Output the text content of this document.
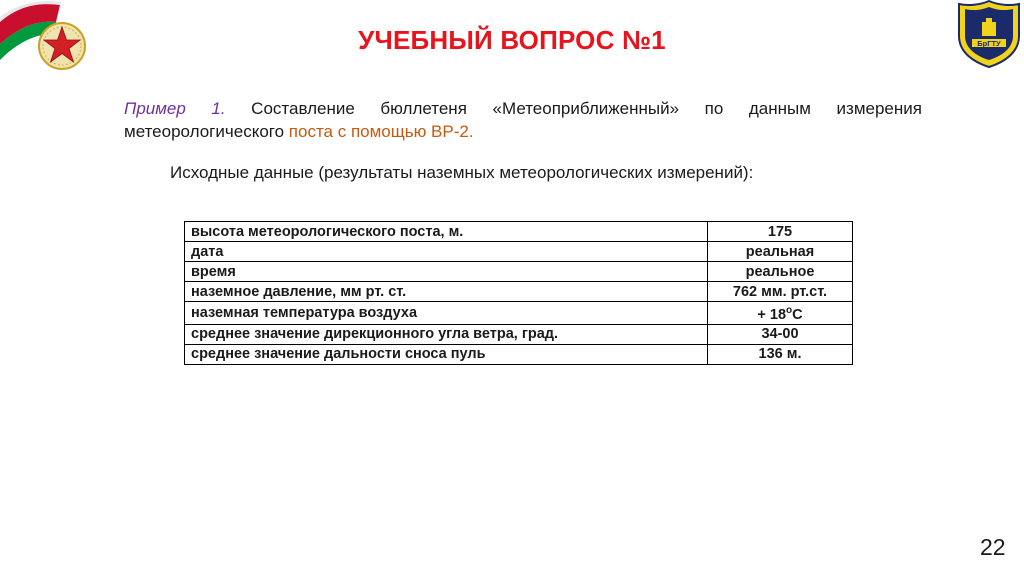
БрГТУ
УЧЕБНЫЙ ВОПРОС №1

Пример 1. Составление бюллетеня «Метеоприближенный» по данным измерения метеорологического поста с помощью ВР-2.

Исходные данные (результаты наземных метеорологических измерений):

высота метеорологического поста, м.	175
дата	реальная
время	реальное
наземное давление, мм рт. ст.	762 мм. рт.ст.
наземная температура воздуха	+ $18^oC$
среднее значение дирекционного угла ветра, град.	34-00
среднее значение дальности сноса пуль	136 м.
22
